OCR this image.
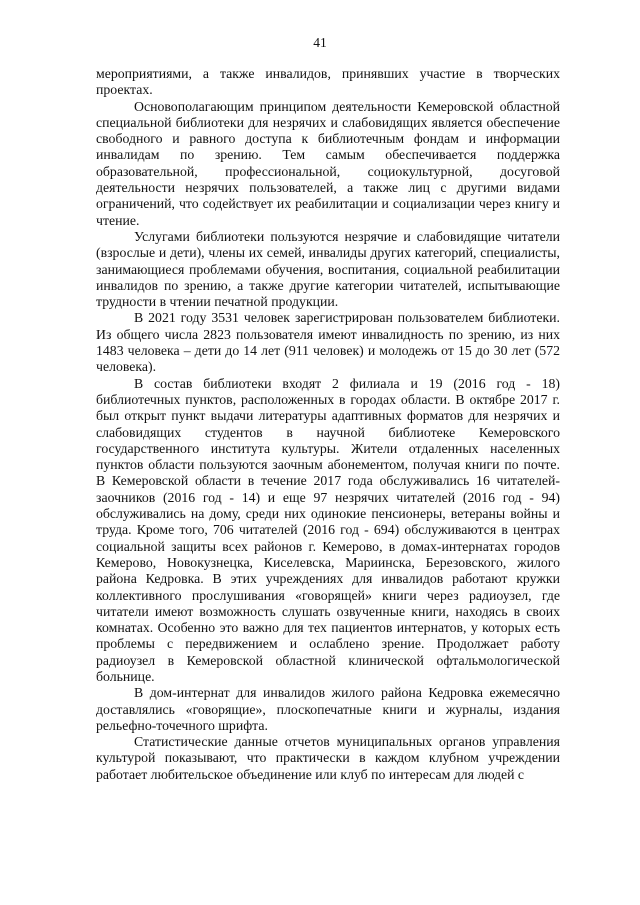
41

мероприятиями, а также инвалидов, принявших участие в творческих проектах.

Основополагающим принципом деятельности Кемеровской областной специальной библиотеки для незрячих и слабовидящих является обеспечение свободного и равного доступа к библиотечным фондам и информации инвалидам по зрению. Тем самым обеспечивается поддержка образовательной, профессиональной, социокультурной, досуговой деятельности незрячих пользователей, а также лиц с другими видами ограничений, что содействует их реабилитации и социализации через книгу и чтение.

Услугами библиотеки пользуются незрячие и слабовидящие читатели (взрослые и дети), члены их семей, инвалиды других категорий, специалисты, занимающиеся проблемами обучения, воспитания, социальной реабилитации инвалидов по зрению, а также другие категории читателей, испытывающие трудности в чтении печатной продукции.

В 2021 году 3531 человек зарегистрирован пользователем библиотеки. Из общего числа 2823 пользователя имеют инвалидность по зрению, из них 1483 человека – дети до 14 лет (911 человек) и молодежь от 15 до 30 лет (572 человека).

В состав библиотеки входят 2 филиала и 19 (2016 год - 18) библиотечных пунктов, расположенных в городах области. В октябре 2017 г. был открыт пункт выдачи литературы адаптивных форматов для незрячих и слабовидящих студентов в научной библиотеке Кемеровского государственного института культуры. Жители отдаленных населенных пунктов области пользуются заочным абонементом, получая книги по почте. В Кемеровской области в течение 2017 года обслуживались 16 читателей-заочников (2016 год - 14) и еще 97 незрячих читателей (2016 год - 94) обслуживались на дому, среди них одинокие пенсионеры, ветераны войны и труда. Кроме того, 706 читателей (2016 год - 694) обслуживаются в центрах социальной защиты всех районов г. Кемерово, в домах-интернатах городов Кемерово, Новокузнецка, Киселевска, Мариинска, Березовского, жилого района Кедровка. В этих учреждениях для инвалидов работают кружки коллективного прослушивания «говорящей» книги через радиоузел, где читатели имеют возможность слушать озвученные книги, находясь в своих комнатах. Особенно это важно для тех пациентов интернатов, у которых есть проблемы с передвижением и ослаблено зрение. Продолжает работу радиоузел в Кемеровской областной клинической офтальмологической больнице.

В дом-интернат для инвалидов жилого района Кедровка ежемесячно доставлялись «говорящие», плоскопечатные книги и журналы, издания рельефно-точечного шрифта.

Статистические данные отчетов муниципальных органов управления культурой показывают, что практически в каждом клубном учреждении работает любительское объединение или клуб по интересам для людей с
